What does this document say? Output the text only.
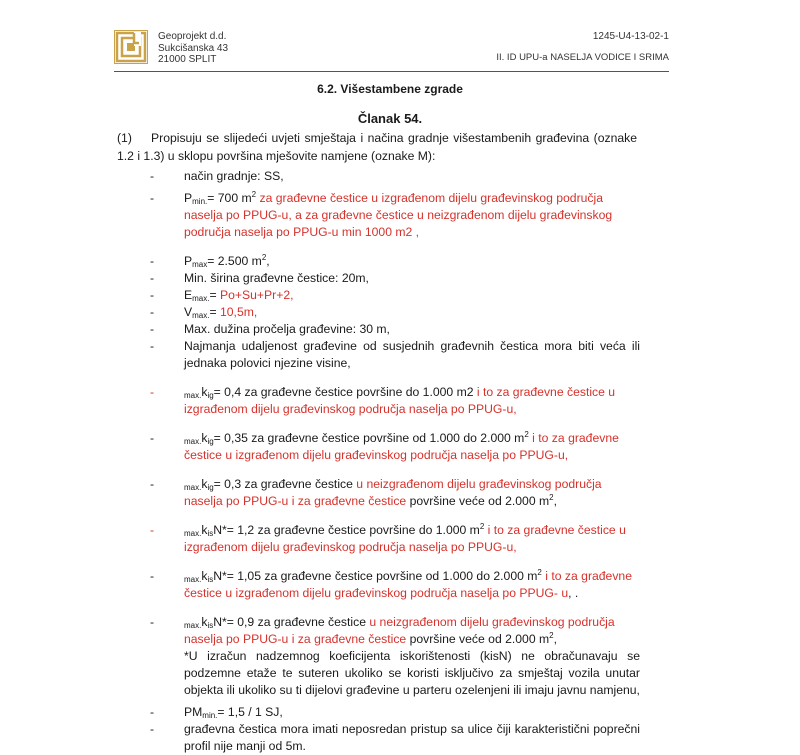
Geoprojekt d.d.
Sukcišanska 43
21000 SPLIT
1245-U4-13-02-1
II. ID UPU-a NASELJA VODICE I SRIMA
6.2. Višestambene zgrade
Članak 54.
(1) Propisuju se slijedeći uvjeti smještaja i načina gradnje višestambenih građevina (oznake 1.2 i 1.3) u sklopu površina mješovite namjene (oznake M):
- način gradnje: SS,
- $P_{min.}= 700$ $m^2$ za građevne čestice u izgrađenom dijelu građevinskog područja naselja po PPUG-u, a za građevne čestice u neizgrađenom dijelu građevinskog područja naselja po PPUG-u min 1000 m2 ,
- $P_{max}= 2.500$ $m^2$,
- Min. širina građevne čestice: 20m,
- $E_{max.}= Po+Su+Pr+2$,
- $V_{max.}= 10,5m$,
- Max. dužina pročelja građevine: 30 m,
- Najmanja udaljenost građevine od susjednih građevnih čestica mora biti veća ili jednaka polovici njezine visine,
-	$_{max.}k_{ig}= 0,4$ za građevne čestice površine do 1.000 m2 i to za građevne čestice u izgrađenom dijelu građevinskog područja naselja po PPUG-u,
-	$_{max.}k_{ig}= 0,35$ za građevne čestice površine od 1.000 do 2.000 $m^2$ i to za građevne čestice u izgrađenom dijelu građevinskog područja naselja po PPUG-u,
-	$_{max.}k_{ig}= 0,3$ za građevne čestice u neizgrađenom dijelu građevinskog područja naselja po PPUG-u i za građevne čestice površine veće od 2.000 $m^2$,
-	$_{max.}k_{is}N*= 1,2$ za građevne čestice površine do 1.000 $m^2$ i to za građevne čestice u izgrađenom dijelu građevinskog područja naselja po PPUG-u,
-	$_{max.}k_{is}N*= 1,05$ za građevne čestice površine od 1.000 do 2.000 $m^2$ i to za građevne čestice u izgrađenom dijelu građevinskog područja naselja po PPUG- u, .
-	$_{max.}k_{is}N*= 0,9$ za građevne čestice u neizgrađenom dijelu građevinskog područja naselja po PPUG-u i za građevne čestice površine veće od 2.000 $m^2$,
*U izračun nadzemnog koeficijenta iskorištenosti (kisN) ne obračunavaju se podzemne etaže te suteren ukoliko se koristi isključivo za smještaj vozila unutar objekta ili ukoliko su ti dijelovi građevine u parteru ozelenjeni ili imaju javnu namjenu,
- $PM_{min.}= 1,5 / 1$ SJ,
- građevna čestica mora imati neposredan pristup sa ulice čiji karakteristični poprečni profil nije manji od 5m.
